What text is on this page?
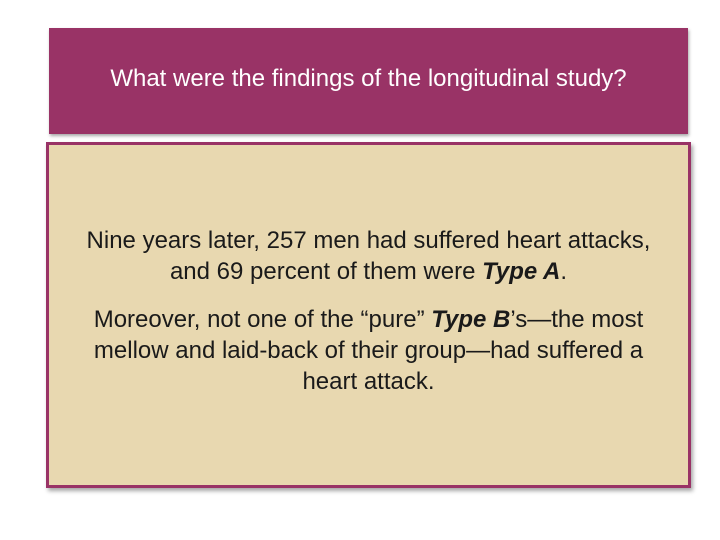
What were the findings of the longitudinal study?

Nine years later, 257 men had suffered heart attacks,
and 69 percent of them were Type A.

Moreover, not one of the “pure” Type B’s—the most
mellow and laid-back of their group—had suffered a
heart attack.
